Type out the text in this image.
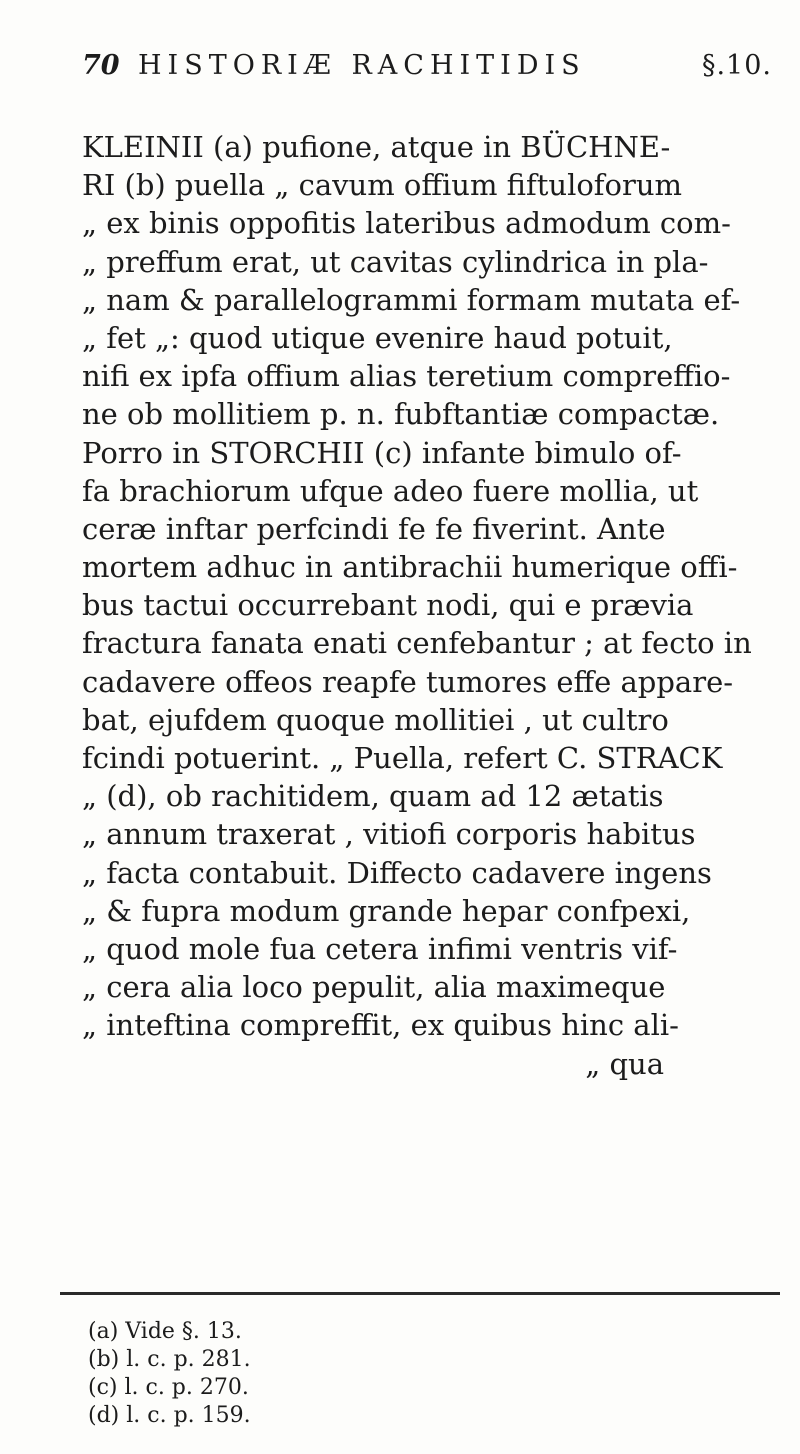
70 HISTORIÆ RACHITIDIS	§.10.
KLEINII (a) pufione, atque in BÜCHNE-
RI (b) puella „ cavum offium fiftuloforum
„ ex binis oppofitis lateribus admodum com-
„ preffum erat, ut cavitas cylindrica in pla-
„ nam & parallelogrammi formam mutata ef-
„ fet „: quod utique evenire haud potuit,
nifi ex ipfa offium alias teretium compreffio-
ne ob mollitiem p. n. fubftantiæ compactæ.
Porro in STORCHII (c) infante bimulo of-
fa brachiorum ufque adeo fuere mollia, ut
ceræ inftar perfcindi fe fe fiverint. Ante
mortem adhuc in antibrachii humerique offi-
bus tactui occurrebant nodi, qui e prævia
fractura fanata enati cenfebantur ; at fecto in
cadavere offeos reapfe tumores effe appare-
bat, ejufdem quoque mollitiei , ut cultro
fcindi potuerint. „ Puella, refert C. STRACK
„ (d), ob rachitidem, quam ad 12 ætatis
„ annum traxerat , vitiofi corporis habitus
„ facta contabuit. Diffecto cadavere ingens
„ & fupra modum grande hepar confpexi,
„ quod mole fua cetera infimi ventris vif-
„ cera alia loco pepulit, alia maximeque
„ inteftina compreffit, ex quibus hinc ali-
„ qua
(a) Vide §. 13.
(b) l. c. p. 281.
(c) l. c. p. 270.
(d) l. c. p. 159.
